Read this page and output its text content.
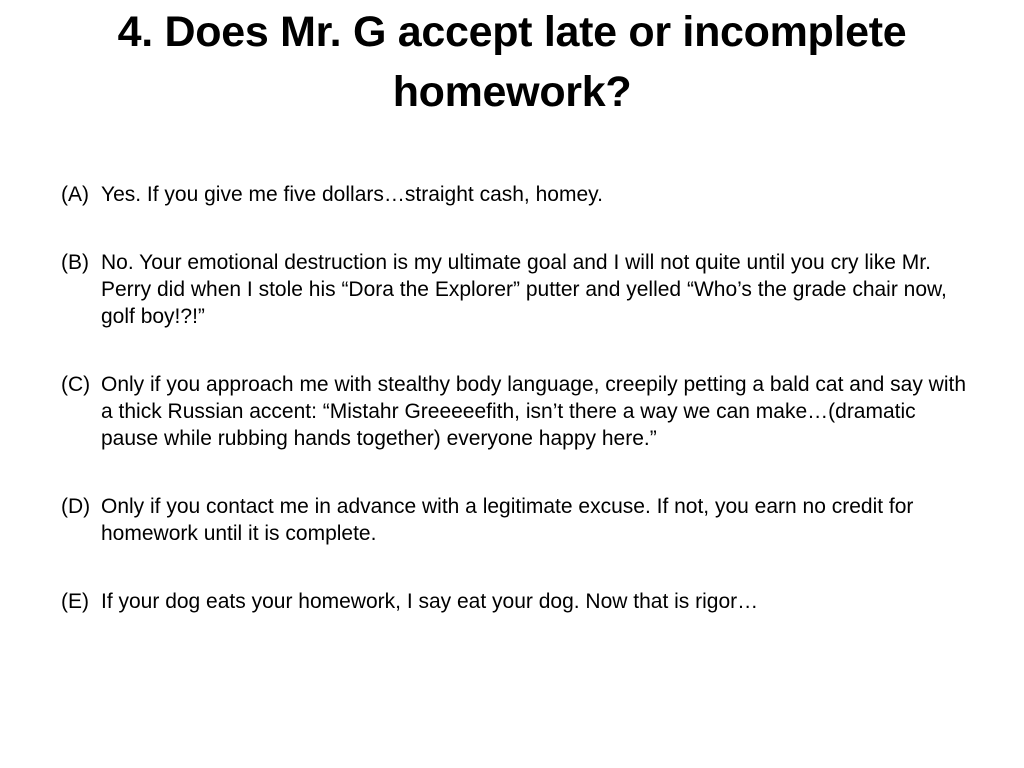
4. Does Mr. G accept late or incomplete homework?
(A) Yes. If you give me five dollars…straight cash, homey.
(B) No. Your emotional destruction is my ultimate goal and I will not quite until you cry like Mr. Perry did when I stole his “Dora the Explorer” putter and yelled “Who’s the grade chair now, golf boy!?!”
(C) Only if you approach me with stealthy body language, creepily petting a bald cat and say with a thick Russian accent: “Mistahr Greeeeefith, isn’t there a way we can make…(dramatic pause while rubbing hands together) everyone happy here.”
(D) Only if you contact me in advance with a legitimate excuse. If not, you earn no credit for homework until it is complete.
(E) If your dog eats your homework, I say eat your dog. Now that is rigor…
